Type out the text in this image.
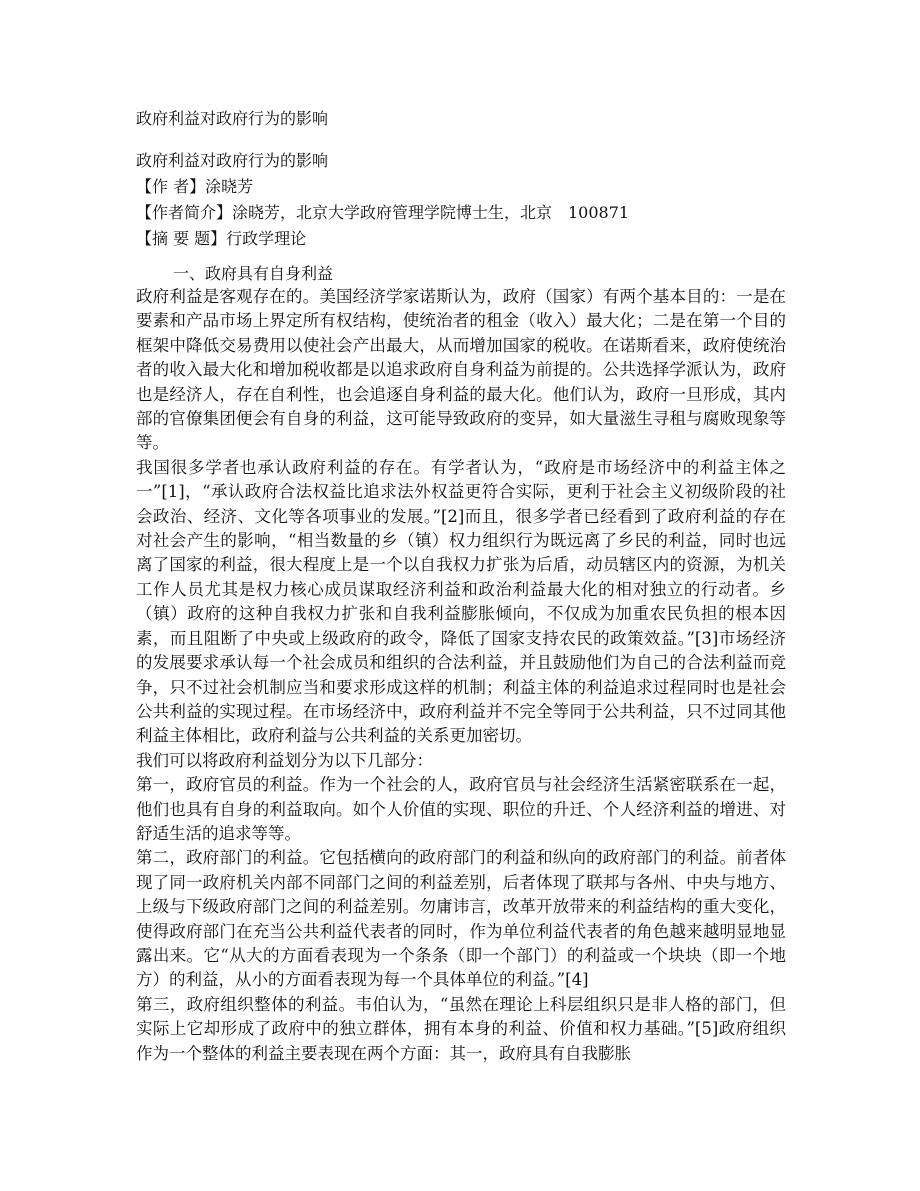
政府利益对政府行为的影响
政府利益对政府行为的影响
【作 者】涂晓芳
【作者简介】涂晓芳，北京大学政府管理学院博士生，北京　100871
【摘 要 题】行政学理论
一、政府具有自身利益

政府利益是客观存在的。美国经济学家诺斯认为，政府（国家）有两个基本目的：一是在要素和产品市场上界定所有权结构，使统治者的租金（收入）最大化；二是在第一个目的框架中降低交易费用以使社会产出最大，从而增加国家的税收。在诺斯看来，政府使统治者的收入最大化和增加税收都是以追求政府自身利益为前提的。公共选择学派认为，政府也是经济人，存在自利性，也会追逐自身利益的最大化。他们认为，政府一旦形成，其内部的官僚集团便会有自身的利益，这可能导致政府的变异，如大量滋生寻租与腐败现象等等。

我国很多学者也承认政府利益的存在。有学者认为，“政府是市场经济中的利益主体之一”[1]，“承认政府合法权益比追求法外权益更符合实际，更利于社会主义初级阶段的社会政治、经济、文化等各项事业的发展。”[2]而且，很多学者已经看到了政府利益的存在对社会产生的影响，“相当数量的乡（镇）权力组织行为既远离了乡民的利益，同时也远离了国家的利益，很大程度上是一个以自我权力扩张为后盾，动员辖区内的资源，为机关工作人员尤其是权力核心成员谋取经济利益和政治利益最大化的相对独立的行动者。乡（镇）政府的这种自我权力扩张和自我利益膨胀倾向，不仅成为加重农民负担的根本因素，而且阻断了中央或上级政府的政令，降低了国家支持农民的政策效益。”[3]市场经济的发展要求承认每一个社会成员和组织的合法利益，并且鼓励他们为自己的合法利益而竞争，只不过社会机制应当和要求形成这样的机制；利益主体的利益追求过程同时也是社会公共利益的实现过程。在市场经济中，政府利益并不完全等同于公共利益，只不过同其他利益主体相比，政府利益与公共利益的关系更加密切。

我们可以将政府利益划分为以下几部分：

第一，政府官员的利益。作为一个社会的人，政府官员与社会经济生活紧密联系在一起，他们也具有自身的利益取向。如个人价值的实现、职位的升迁、个人经济利益的增进、对舒适生活的追求等等。

第二，政府部门的利益。它包括横向的政府部门的利益和纵向的政府部门的利益。前者体现了同一政府机关内部不同部门之间的利益差别，后者体现了联邦与各州、中央与地方、上级与下级政府部门之间的利益差别。勿庸讳言，改革开放带来的利益结构的重大变化，使得政府部门在充当公共利益代表者的同时，作为单位利益代表者的角色越来越明显地显露出来。它“从大的方面看表现为一个条条（即一个部门）的利益或一个块块（即一个地方）的利益，从小的方面看表现为每一个具体单位的利益。”[4]

第三，政府组织整体的利益。韦伯认为，“虽然在理论上科层组织只是非人格的部门，但实际上它却形成了政府中的独立群体，拥有本身的利益、价值和权力基础。”[5]政府组织作为一个整体的利益主要表现在两个方面：其一，政府具有自我膨胀
